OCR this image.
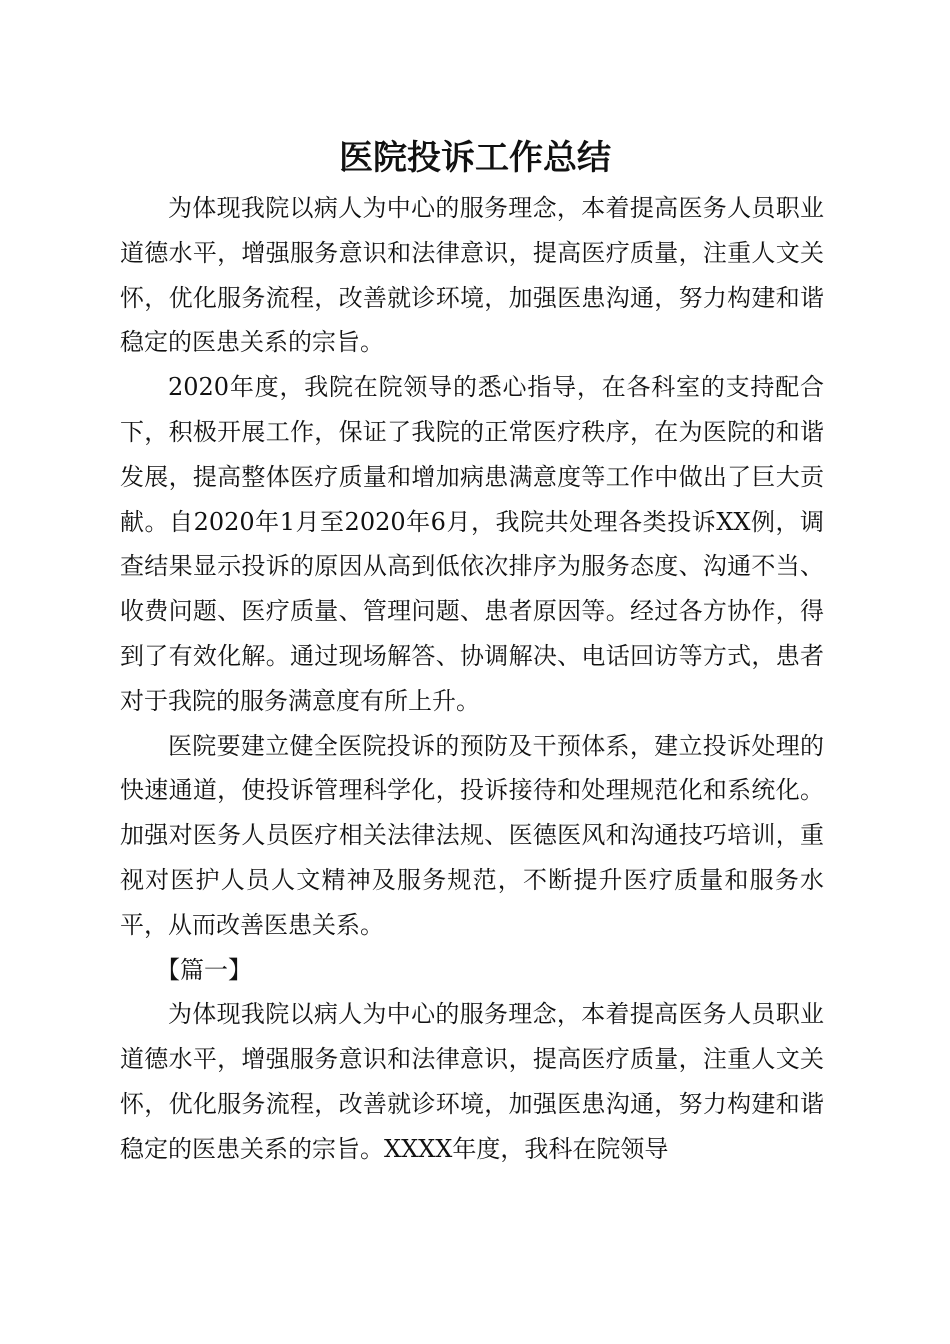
医院投诉工作总结

为体现我院以病人为中心的服务理念，本着提高医务人员职业道德水平，增强服务意识和法律意识，提高医疗质量，注重人文关怀，优化服务流程，改善就诊环境，加强医患沟通，努力构建和谐稳定的医患关系的宗旨。

2020年度，我院在院领导的悉心指导，在各科室的支持配合下，积极开展工作，保证了我院的正常医疗秩序，在为医院的和谐发展，提高整体医疗质量和增加病患满意度等工作中做出了巨大贡献。自2020年1月至2020年6月，我院共处理各类投诉XX例，调查结果显示投诉的原因从高到低依次排序为服务态度、沟通不当、收费问题、医疗质量、管理问题、患者原因等。经过各方协作，得到了有效化解。通过现场解答、协调解决、电话回访等方式，患者对于我院的服务满意度有所上升。

医院要建立健全医院投诉的预防及干预体系，建立投诉处理的快速通道，使投诉管理科学化，投诉接待和处理规范化和系统化。加强对医务人员医疗相关法律法规、医德医风和沟通技巧培训，重视对医护人员人文精神及服务规范，不断提升医疗质量和服务水平，从而改善医患关系。

【篇一】

为体现我院以病人为中心的服务理念，本着提高医务人员职业道德水平，增强服务意识和法律意识，提高医疗质量，注重人文关怀，优化服务流程，改善就诊环境，加强医患沟通，努力构建和谐稳定的医患关系的宗旨。XXXX年度，我科在院领导
